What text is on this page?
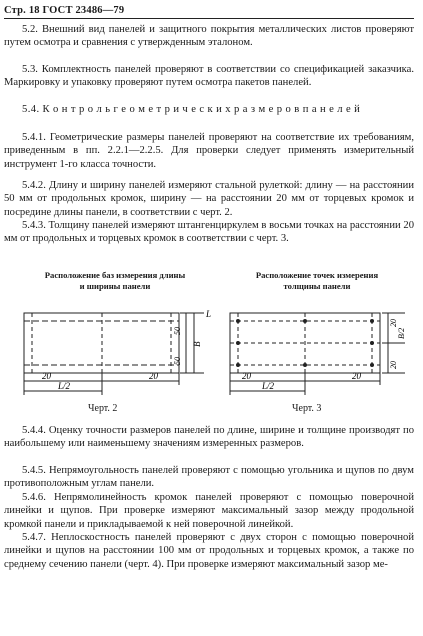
Стр. 18 ГОСТ 23486—79

5.2. Внешний вид панелей и защитного покрытия металлических листов проверяют путем осмотра и сравнения с утвержденным эталоном.

5.3. Комплектность панелей проверяют в соответствии со спецификацией заказчика. Маркировку и упаковку проверяют путем осмотра пакетов панелей.

5.4. К о н т р о л ь г е о м е т р и ч е с к и х р а з м е р о в п а н е л е й

5.4.1. Геометрические размеры панелей проверяют на соответствие их требованиям, приведенным в пп. 2.2.1—2.2.5. Для проверки следует применять измерительный инструмент 1-го класса точности.

5.4.2. Длину и ширину панелей измеряют стальной рулеткой: длину — на расстоянии 50 мм от продольных кромок, ширину — на расстоянии 20 мм от торцевых кромок и посредине длины панели, в соответствии с черт. 2.

5.4.3. Толщину панелей измеряют штангенциркулем в восьми точках на расстоянии 20 мм от продольных и торцевых кромок в соответствии с черт. 3.

Расположение баз измерения длины
и ширины панели
20	20
L/2
50
50
В
L
Черт. 2
Расположение точек измерения
толщины панели
20	20
L/2
20
В/2
20
Черт. 3

5.4.4. Оценку точности размеров панелей по длине, ширине и толщине производят по наибольшему или наименьшему значениям измеренных размеров.

5.4.5. Непрямоугольность панелей проверяют с помощью угольника и щупов по двум противоположным углам панели.

5.4.6. Непрямолинейность кромок панелей проверяют с помощью поверочной линейки и щупов. При проверке измеряют максимальный зазор между продольной кромкой панели и прикладываемой к ней поверочной линейкой.

5.4.7. Неплоскостность панелей проверяют с двух сторон с помощью поверочной линейки и щупов на расстоянии 100 мм от продольных и торцевых кромок, а также по среднему сечению панели (черт. 4). При проверке измеряют максимальный зазор ме-
